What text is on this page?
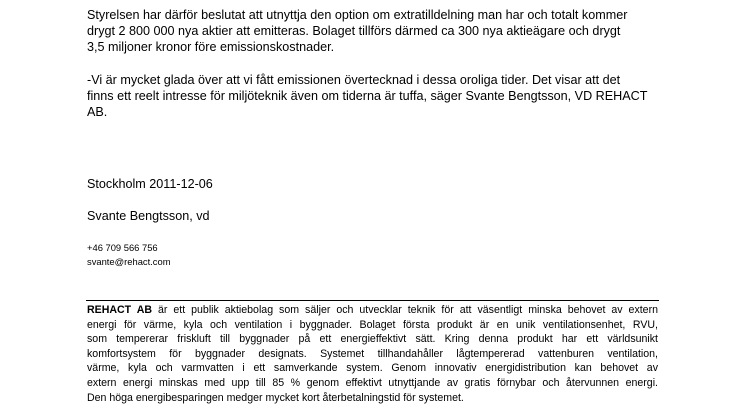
Styrelsen har därför beslutat att utnyttja den option om extratilldelning man har och totalt kommer
drygt 2 800 000 nya aktier att emitteras. Bolaget tillförs därmed ca 300 nya aktieägare och drygt
3,5 miljoner kronor före emissionskostnader.
-Vi är mycket glada över att vi fått emissionen övertecknad i dessa oroliga tider. Det visar att det
finns ett reelt intresse för miljöteknik även om tiderna är tuffa, säger Svante Bengtsson, VD REHACT
AB.

Stockholm 2011-12-06

Svante Bengtsson, vd

+46 709 566 756

svante@rehact.com

REHACT AB är ett publik aktiebolag som säljer och utvecklar teknik för att väsentligt minska behovet av extern
energi för värme, kyla och ventilation i byggnader. Bolaget första produkt är en unik ventilationsenhet, RVU,
som tempererar friskluft till byggnader på ett energieffektivt sätt. Kring denna produkt har ett världsunikt
komfortsystem för byggnader designats. Systemet tillhandahåller lågtempererad vattenburen ventilation,
värme, kyla och varmvatten i ett samverkande system. Genom innovativ energidistribution kan behovet av
extern energi minskas med upp till 85 % genom effektivt utnyttjande av gratis förnybar och återvunnen energi.
Den höga energibesparingen medger mycket kort återbetalningstid för systemet.
